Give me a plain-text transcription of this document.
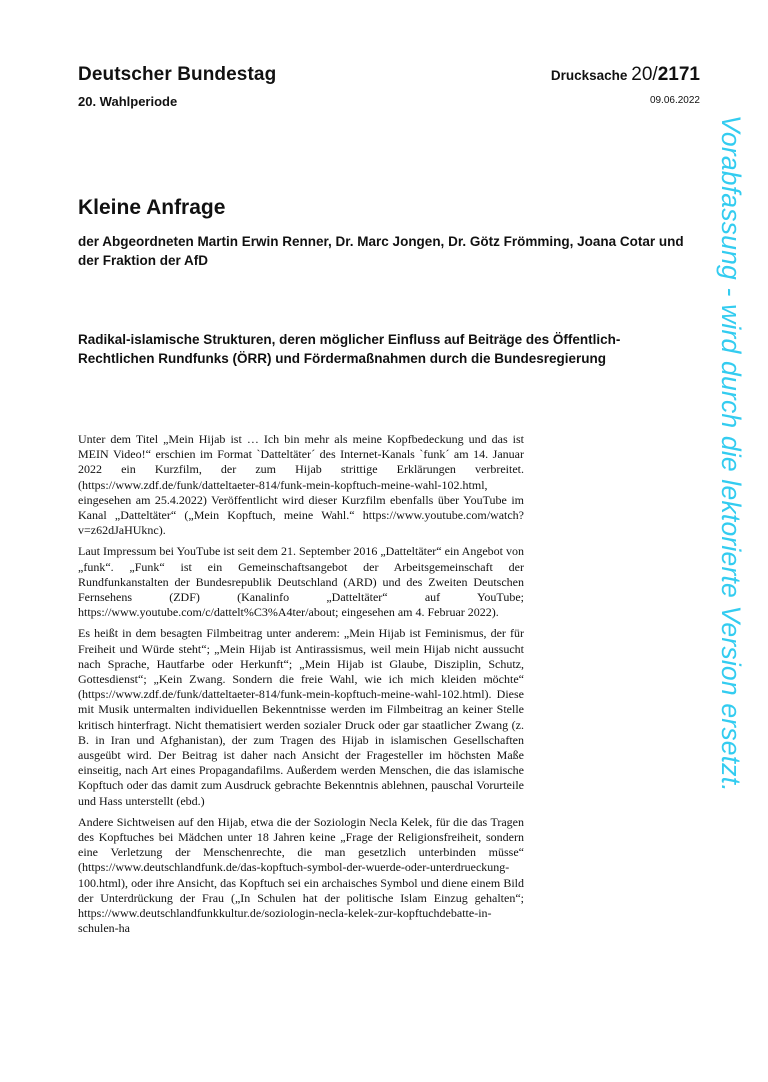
Deutscher Bundestag
20. Wahlperiode
Drucksache 20/2171
09.06.2022
Vorabfassung - wird durch die lektorierte Version ersetzt.
Kleine Anfrage
der Abgeordneten Martin Erwin Renner, Dr. Marc Jongen, Dr. Götz Frömming, Joana Cotar und der Fraktion der AfD
Radikal-islamische Strukturen, deren möglicher Einfluss auf Beiträge des Öffentlich-Rechtlichen Rundfunks (ÖRR) und Fördermaßnahmen durch die Bundesregierung

Unter dem Titel „Mein Hijab ist … Ich bin mehr als meine Kopfbedeckung und das ist MEIN Video!“ erschien im Format `Datteltäter´ des Internet-Kanals `funk´ am 14. Januar 2022 ein Kurzfilm, der zum Hijab strittige Erklärungen verbreitet. (https://www.zdf.de/funk/datteltaeter-814/funk-mein-kopftuch-meine-wahl-102.html, eingesehen am 25.4.2022) Veröffentlicht wird dieser Kurzfilm ebenfalls über YouTube im Kanal „Datteltäter“ („Mein Kopftuch, meine Wahl.“ https://www.youtube.com/watch?v=z62dJaHUknc).

Laut Impressum bei YouTube ist seit dem 21. September 2016 „Datteltäter“ ein Angebot von „funk“. „Funk“ ist ein Gemeinschaftsangebot der Arbeitsgemeinschaft der Rundfunkanstalten der Bundesrepublik Deutschland (ARD) und des Zweiten Deutschen Fernsehens (ZDF) (Kanalinfo „Datteltäter“ auf YouTube; https://www.youtube.com/c/dattelt%C3%A4ter/about; eingesehen am 4. Februar 2022).

Es heißt in dem besagten Filmbeitrag unter anderem: „Mein Hijab ist Feminismus, der für Freiheit und Würde steht“; „Mein Hijab ist Antirassismus, weil mein Hijab nicht aussucht nach Sprache, Hautfarbe oder Herkunft“; „Mein Hijab ist Glaube, Disziplin, Schutz, Gottesdienst“; „Kein Zwang. Sondern die freie Wahl, wie ich mich kleiden möchte“ (https://www.zdf.de/funk/datteltaeter-814/funk-mein-kopftuch-meine-wahl-102.html). Diese mit Musik untermalten individuellen Bekenntnisse werden im Filmbeitrag an keiner Stelle kritisch hinterfragt. Nicht thematisiert werden sozialer Druck oder gar staatlicher Zwang (z. B. in Iran und Afghanistan), der zum Tragen des Hijab in islamischen Gesellschaften ausgeübt wird. Der Beitrag ist daher nach Ansicht der Fragesteller im höchsten Maße einseitig, nach Art eines Propagandafilms. Außerdem werden Menschen, die das islamische Kopftuch oder das damit zum Ausdruck gebrachte Bekenntnis ablehnen, pauschal Vorurteile und Hass unterstellt (ebd.)

Andere Sichtweisen auf den Hijab, etwa die der Soziologin Necla Kelek, für die das Tragen des Kopftuches bei Mädchen unter 18 Jahren keine „Frage der Religionsfreiheit, sondern eine Verletzung der Menschenrechte, die man gesetzlich unterbinden müsse“ (https://www.deutschlandfunk.de/das-kopftuch-symbol-der-wuerde-oder-unterdrueckung-100.html), oder ihre Ansicht, das Kopftuch sei ein archaisches Symbol und diene einem Bild der Unterdrückung der Frau („In Schulen hat der politische Islam Einzug gehalten“; https://www.deutschlandfunkkultur.de/soziologin-necla-kelek-zur-kopftuchdebatte-in-schulen-ha
